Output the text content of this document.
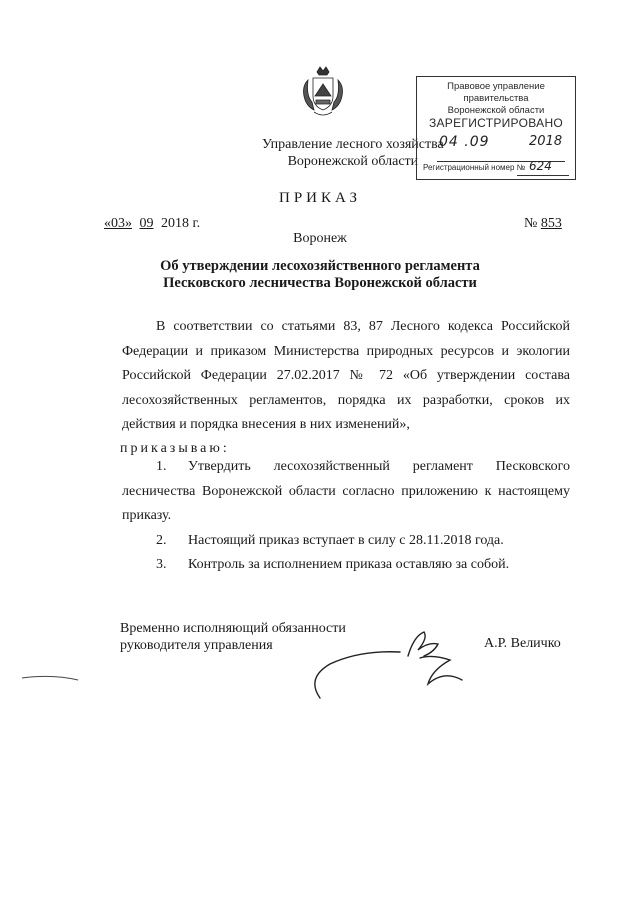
Управление лесного хозяйства
Воронежской области
Правовое управление правительства
Воронежской области
ЗАРЕГИСТРИРОВАНО
04 .09	2018
Регистрационный номер № 624
ПРИКАЗ
«03» 09 2018 г.	№ 853
Воронеж
Об утверждении лесохозяйственного регламента Песковского лесничества Воронежской области
В соответствии со статьями 83, 87 Лесного кодекса Российской Федерации и приказом Министерства природных ресурсов и экологии Российской Федерации 27.02.2017 № 72 «Об утверждении состава лесохозяйственных регламентов, порядка их разработки, сроков их действия и порядка внесения в них изменений»,
приказываю:
1. Утвердить лесохозяйственный регламент Песковского лесничества Воронежской области согласно приложению к настоящему приказу.
2. Настоящий приказ вступает в силу с 28.11.2018 года.
3. Контроль за исполнением приказа оставляю за собой.
Временно исполняющий обязанности
руководителя управления	А.Р. Величко
